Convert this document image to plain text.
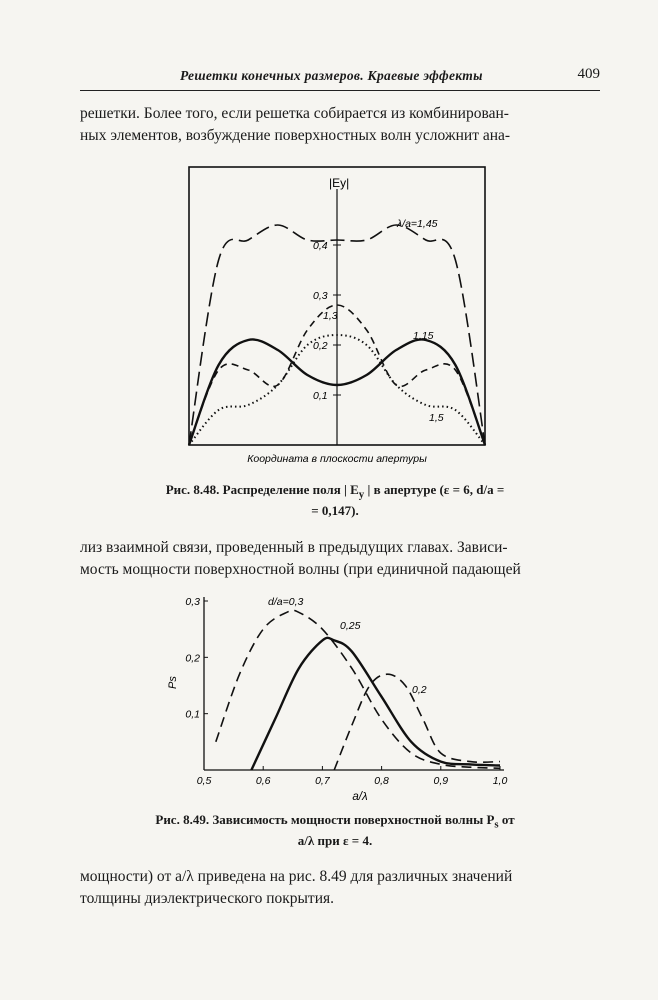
Решетки конечных размеров. Краевые эффекты	409
решетки. Более того, если решетка собирается из комбинирован-
ных элементов, возбуждение поверхностных волн усложнит ана-
|Ey|
0,1
0,2
0,3
0,4
λ/a=1,45
1,3
1,15
1,5
Координата в плоскости апертуры
Рис. 8.48. Распределение поля | $E_y$ | в апертуре (ε = 6, d/a =
= 0,147).
лиз взаимной связи, проведенный в предыдущих главах. Зависи-
мость мощности поверхностной волны (при единичной падающей
0,5	0,6	0,7	0,8	0,9	1,0
0,1
0,2
0,3
Ps
a/λ
d/a=0,3
0,25
0,2
Рис. 8.49. Зависимость мощности поверхностной волны $P_s$ от
a/λ при ε = 4.
мощности) от a/λ приведена на рис. 8.49 для различных значений
толщины диэлектрического покрытия.
